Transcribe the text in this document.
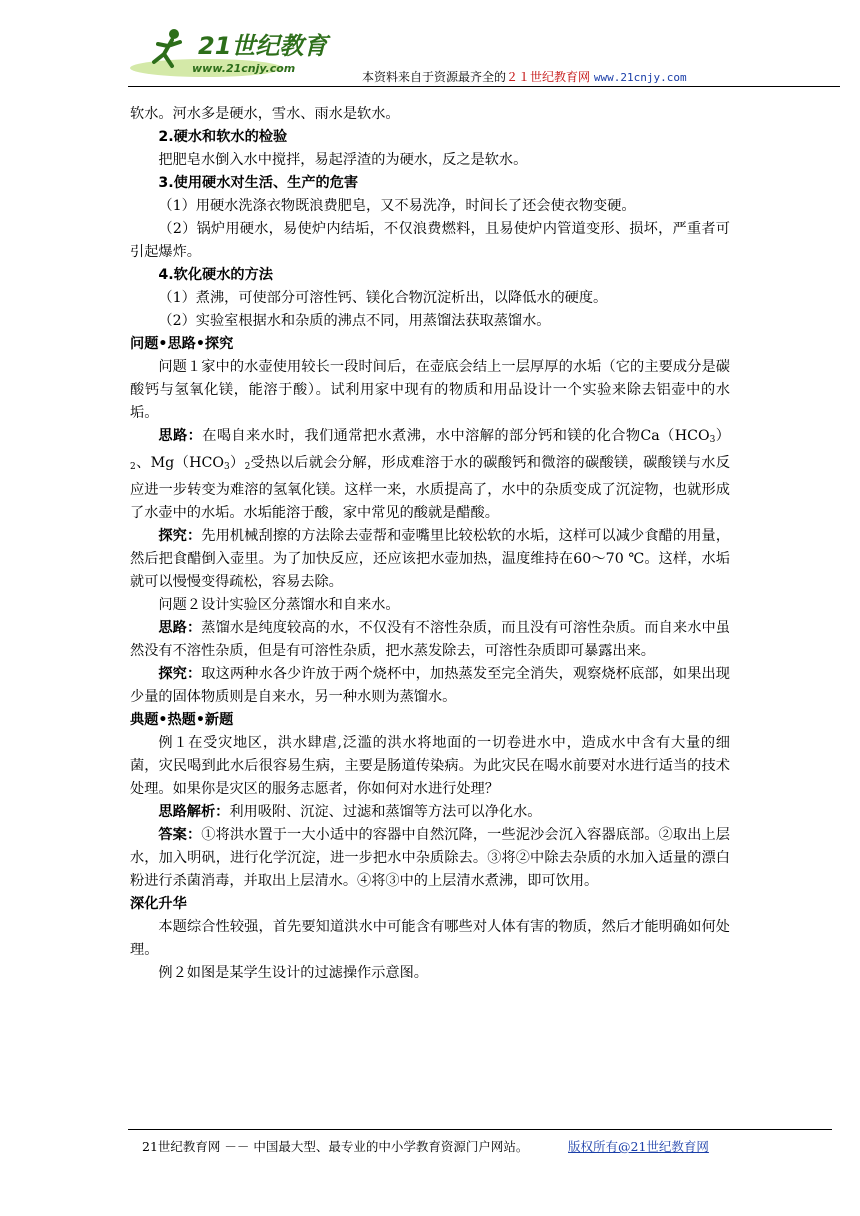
21世纪教育
www.21cnjy.com
本资料来自于资源最齐全的２１世纪教育网 www.21cnjy.com

软水。河水多是硬水，雪水、雨水是软水。

2.硬水和软水的检验

把肥皂水倒入水中搅拌，易起浮渣的为硬水，反之是软水。

3.使用硬水对生活、生产的危害

（1）用硬水洗涤衣物既浪费肥皂，又不易洗净，时间长了还会使衣物变硬。

（2）锅炉用硬水，易使炉内结垢，不仅浪费燃料，且易使炉内管道变形、损坏，严重者可引起爆炸。

4.软化硬水的方法

（1）煮沸，可使部分可溶性钙、镁化合物沉淀析出，以降低水的硬度。

（2）实验室根据水和杂质的沸点不同，用蒸馏法获取蒸馏水。

问题•思路•探究

问题１家中的水壶使用较长一段时间后，在壶底会结上一层厚厚的水垢（它的主要成分是碳酸钙与氢氧化镁，能溶于酸）。试利用家中现有的物质和用品设计一个实验来除去铝壶中的水垢。

思路：在喝自来水时，我们通常把水煮沸，水中溶解的部分钙和镁的化合物$Ca(HCO_3)_2$、$Mg(HCO_3)_2$受热以后就会分解，形成难溶于水的碳酸钙和微溶的碳酸镁，碳酸镁与水反应进一步转变为难溶的氢氧化镁。这样一来，水质提高了，水中的杂质变成了沉淀物，也就形成了水壶中的水垢。水垢能溶于酸，家中常见的酸就是醋酸。

探究：先用机械刮擦的方法除去壶帮和壶嘴里比较松软的水垢，这样可以减少食醋的用量，然后把食醋倒入壶里。为了加快反应，还应该把水壶加热，温度维持在60～70 ℃。这样，水垢就可以慢慢变得疏松，容易去除。

问题２设计实验区分蒸馏水和自来水。

思路：蒸馏水是纯度较高的水，不仅没有不溶性杂质，而且没有可溶性杂质。而自来水中虽然没有不溶性杂质，但是有可溶性杂质，把水蒸发除去，可溶性杂质即可暴露出来。

探究：取这两种水各少许放于两个烧杯中，加热蒸发至完全消失，观察烧杯底部，如果出现少量的固体物质则是自来水，另一种水则为蒸馏水。

典题•热题•新题

例１在受灾地区，洪水肆虐,泛滥的洪水将地面的一切卷进水中，造成水中含有大量的细菌，灾民喝到此水后很容易生病，主要是肠道传染病。为此灾民在喝水前要对水进行适当的技术处理。如果你是灾区的服务志愿者，你如何对水进行处理？

思路解析：利用吸附、沉淀、过滤和蒸馏等方法可以净化水。

答案：①将洪水置于一大小适中的容器中自然沉降，一些泥沙会沉入容器底部。②取出上层水，加入明矾，进行化学沉淀，进一步把水中杂质除去。③将②中除去杂质的水加入适量的漂白粉进行杀菌消毒，并取出上层清水。④将③中的上层清水煮沸，即可饮用。

深化升华

本题综合性较强，首先要知道洪水中可能含有哪些对人体有害的物质，然后才能明确如何处理。

例２如图是某学生设计的过滤操作示意图。

21世纪教育网 －－ 中国最大型、最专业的中小学教育资源门户网站。	版权所有@21世纪教育网
